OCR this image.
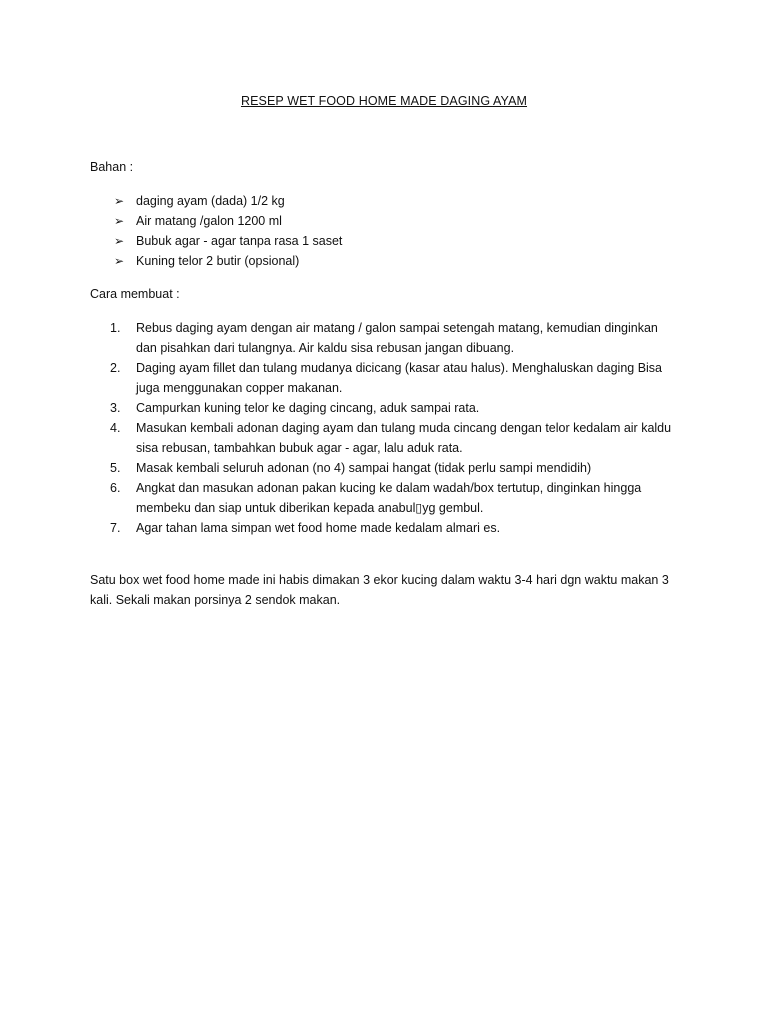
RESEP WET FOOD HOME MADE DAGING AYAM
Bahan :
➢ daging ayam (dada) 1/2 kg
➢ Air matang /galon 1200 ml
➢ Bubuk agar - agar tanpa rasa 1 saset
➢ Kuning telor 2 butir (opsional)
Cara membuat :
1. Rebus daging ayam dengan air matang / galon sampai setengah matang, kemudian dinginkan dan pisahkan dari tulangnya. Air kaldu sisa rebusan jangan dibuang.
2. Daging ayam fillet dan tulang mudanya dicicang (kasar atau halus). Menghaluskan daging Bisa juga menggunakan copper makanan.
3. Campurkan kuning telor ke daging cincang, aduk sampai rata.
4. Masukan kembali adonan daging ayam dan tulang muda cincang dengan telor kedalam air kaldu sisa rebusan, tambahkan bubuk agar - agar, lalu aduk rata.
5. Masak kembali seluruh adonan (no 4) sampai hangat (tidak perlu sampi mendidih)
6. Angkat dan masukan adonan pakan kucing ke dalam wadah/box tertutup, dinginkan hingga membeku dan siap untuk diberikan kepada anabul▯yg gembul.
7. Agar tahan lama simpan wet food home made kedalam almari es.
Satu box wet food home made ini habis dimakan 3 ekor kucing dalam waktu 3-4 hari dgn waktu makan 3 kali. Sekali makan porsinya 2 sendok makan.
